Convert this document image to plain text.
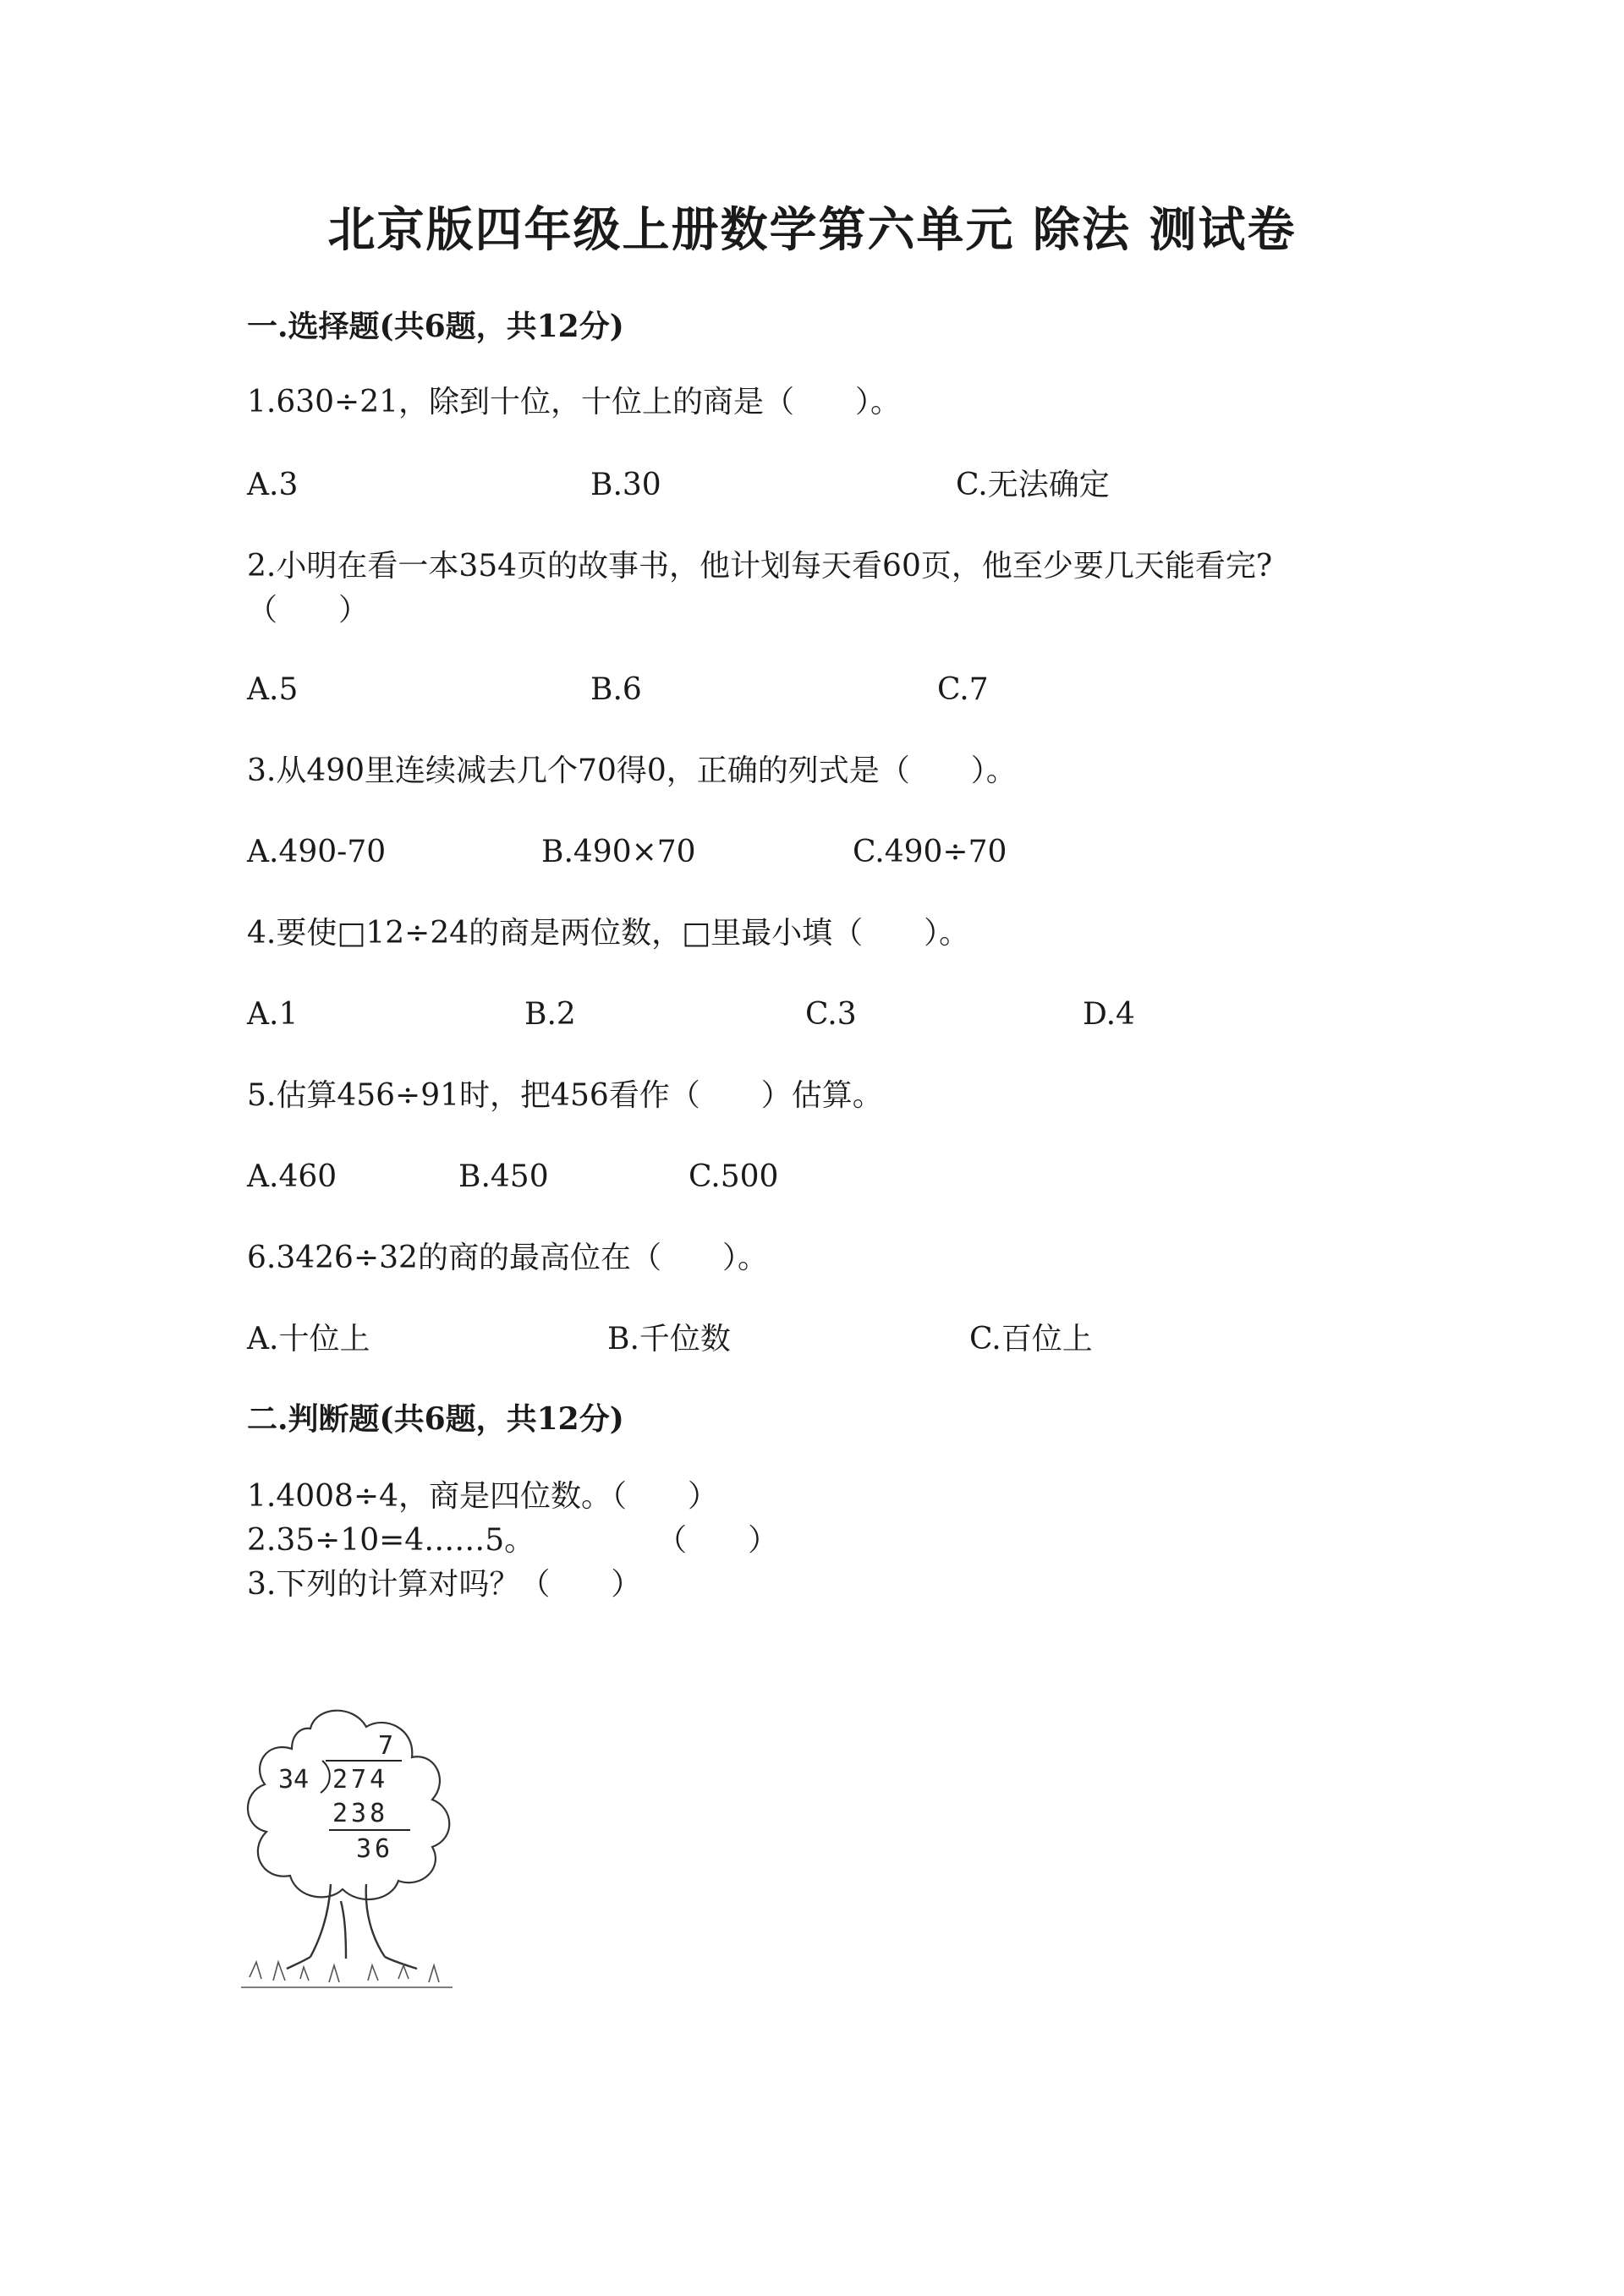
北京版四年级上册数学第六单元 除法 测试卷
一.选择题(共6题，共12分)
1.630÷21，除到十位，十位上的商是（　　）。
A.3	B.30	C.无法确定
2.小明在看一本354页的故事书，他计划每天看60页，他至少要几天能看完?
（　　）
A.5	B.6	C.7
3.从490里连续减去几个70得0，正确的列式是（　　）。
A.490-70	B.490×70	C.490÷70
4.要使□12÷24的商是两位数，□里最小填（　　）。
A.1	B.2	C.3	D.4
5.估算456÷91时，把456看作（　　）估算。
A.460	B.450	C.500
6.3426÷32的商的最高位在（　　）。
A.十位上	B.千位数	C.百位上
二.判断题(共6题，共12分)
1.4008÷4，商是四位数。（　　）
2.35÷10=4……5。　　　　　（　　）
3.下列的计算对吗？（　　）
7
34 274
238
36
